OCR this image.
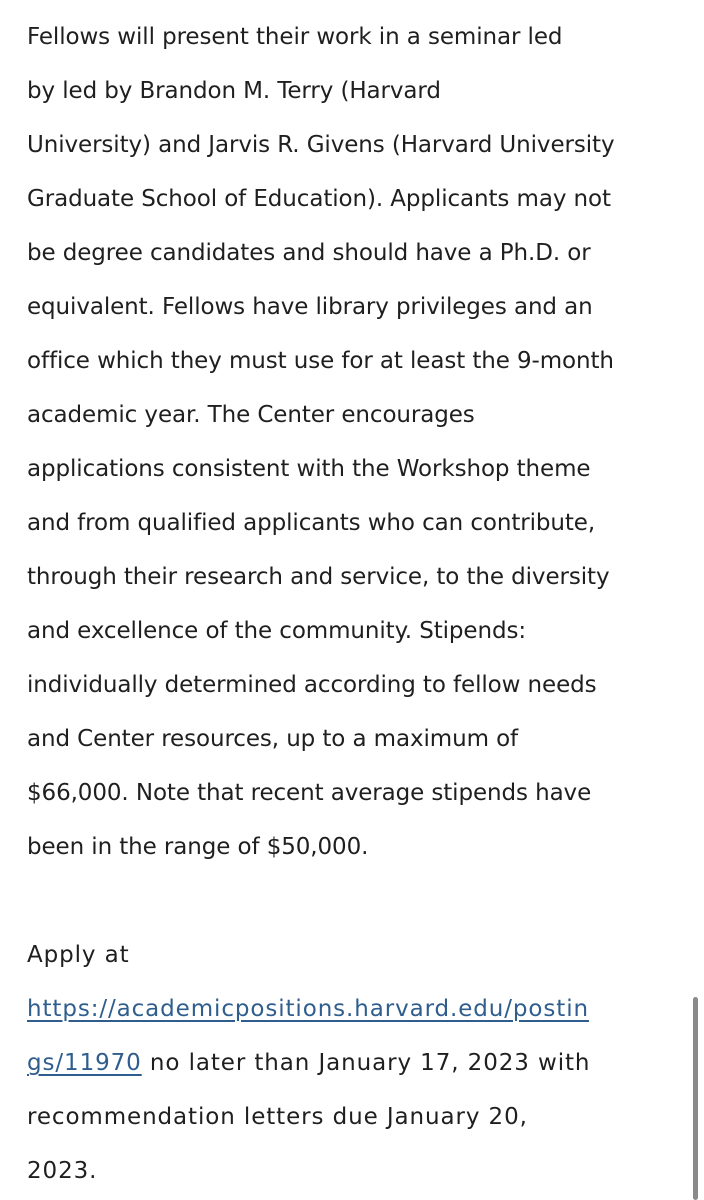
Fellows will present their work in a seminar led
by led by Brandon M. Terry (Harvard
University) and Jarvis R. Givens (Harvard University
Graduate School of Education). Applicants may not
be degree candidates and should have a Ph.D. or
equivalent. Fellows have library privileges and an
office which they must use for at least the 9-month
academic year. The Center encourages
applications consistent with the Workshop theme
and from qualified applicants who can contribute,
through their research and service, to the diversity
and excellence of the community. Stipends:
individually determined according to fellow needs
and Center resources, up to a maximum of
$66,000. Note that recent average stipends have
been in the range of $50,000.
Apply at
https://academicpositions.harvard.edu/postin
gs/11970 no later than January 17, 2023 with
recommendation letters due January 20,
2023.
